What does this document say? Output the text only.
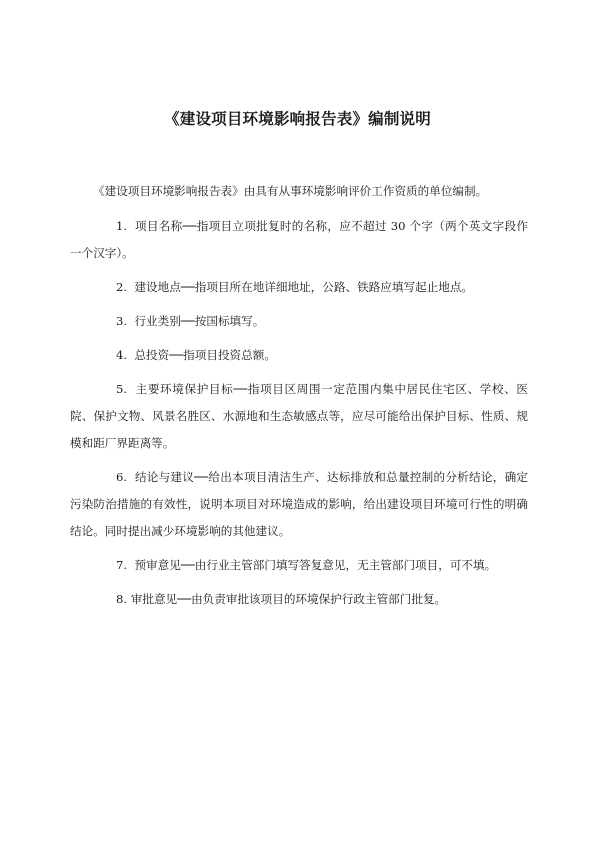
《建设项目环境影响报告表》编制说明

《建设项目环境影响报告表》由具有从事环境影响评价工作资质的单位编制。

1. 项目名称──指项目立项批复时的名称，应不超过 30 个字（两个英文字段作一个汉字）。

2. 建设地点──指项目所在地详细地址，公路、铁路应填写起止地点。

3. 行业类别──按国标填写。

4. 总投资──指项目投资总额。

5. 主要环境保护目标──指项目区周围一定范围内集中居民住宅区、学校、医院、保护文物、风景名胜区、水源地和生态敏感点等，应尽可能给出保护目标、性质、规模和距厂界距离等。

6. 结论与建议──给出本项目清洁生产、达标排放和总量控制的分析结论，确定污染防治措施的有效性，说明本项目对环境造成的影响，给出建设项目环境可行性的明确结论。同时提出减少环境影响的其他建议。

7. 预审意见──由行业主管部门填写答复意见，无主管部门项目，可不填。

8. 审批意见──由负责审批该项目的环境保护行政主管部门批复。
